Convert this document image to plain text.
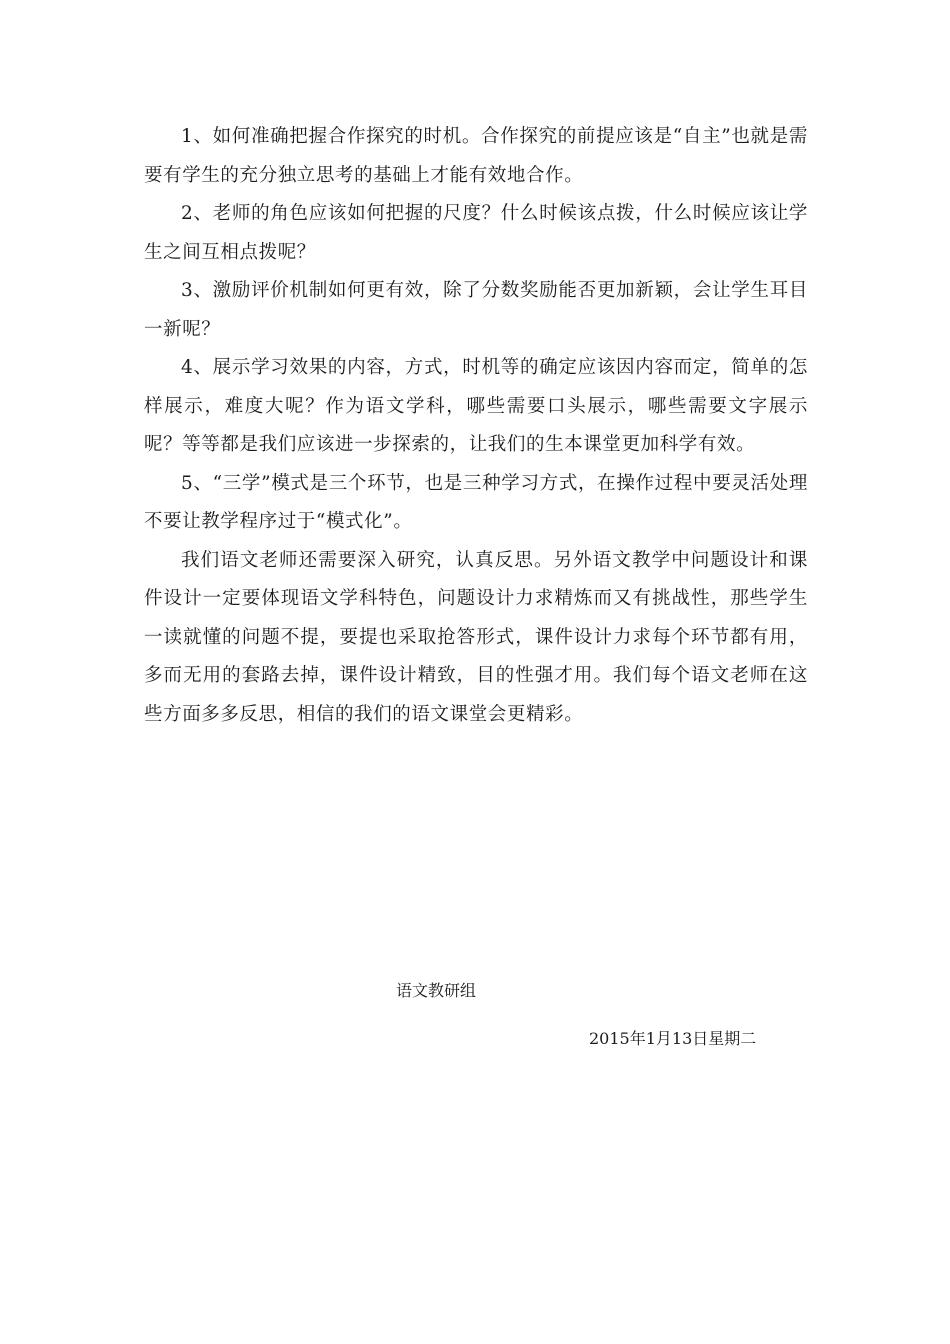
1、如何准确把握合作探究的时机。合作探究的前提应该是“自主”也就是需要有学生的充分独立思考的基础上才能有效地合作。

2、老师的角色应该如何把握的尺度？什么时候该点拨，什么时候应该让学生之间互相点拨呢？

3、激励评价机制如何更有效，除了分数奖励能否更加新颖，会让学生耳目一新呢？

4、展示学习效果的内容，方式，时机等的确定应该因内容而定，简单的怎样展示，难度大呢？作为语文学科，哪些需要口头展示，哪些需要文字展示呢？等等都是我们应该进一步探索的，让我们的生本课堂更加科学有效。

5、“三学”模式是三个环节，也是三种学习方式，在操作过程中要灵活处理不要让教学程序过于“模式化”。

我们语文老师还需要深入研究，认真反思。另外语文教学中问题设计和课件设计一定要体现语文学科特色，问题设计力求精炼而又有挑战性，那些学生一读就懂的问题不提，要提也采取抢答形式，课件设计力求每个环节都有用，多而无用的套路去掉，课件设计精致，目的性强才用。我们每个语文老师在这些方面多多反思，相信的我们的语文课堂会更精彩。

语文教研组
2015年1月13日星期二
